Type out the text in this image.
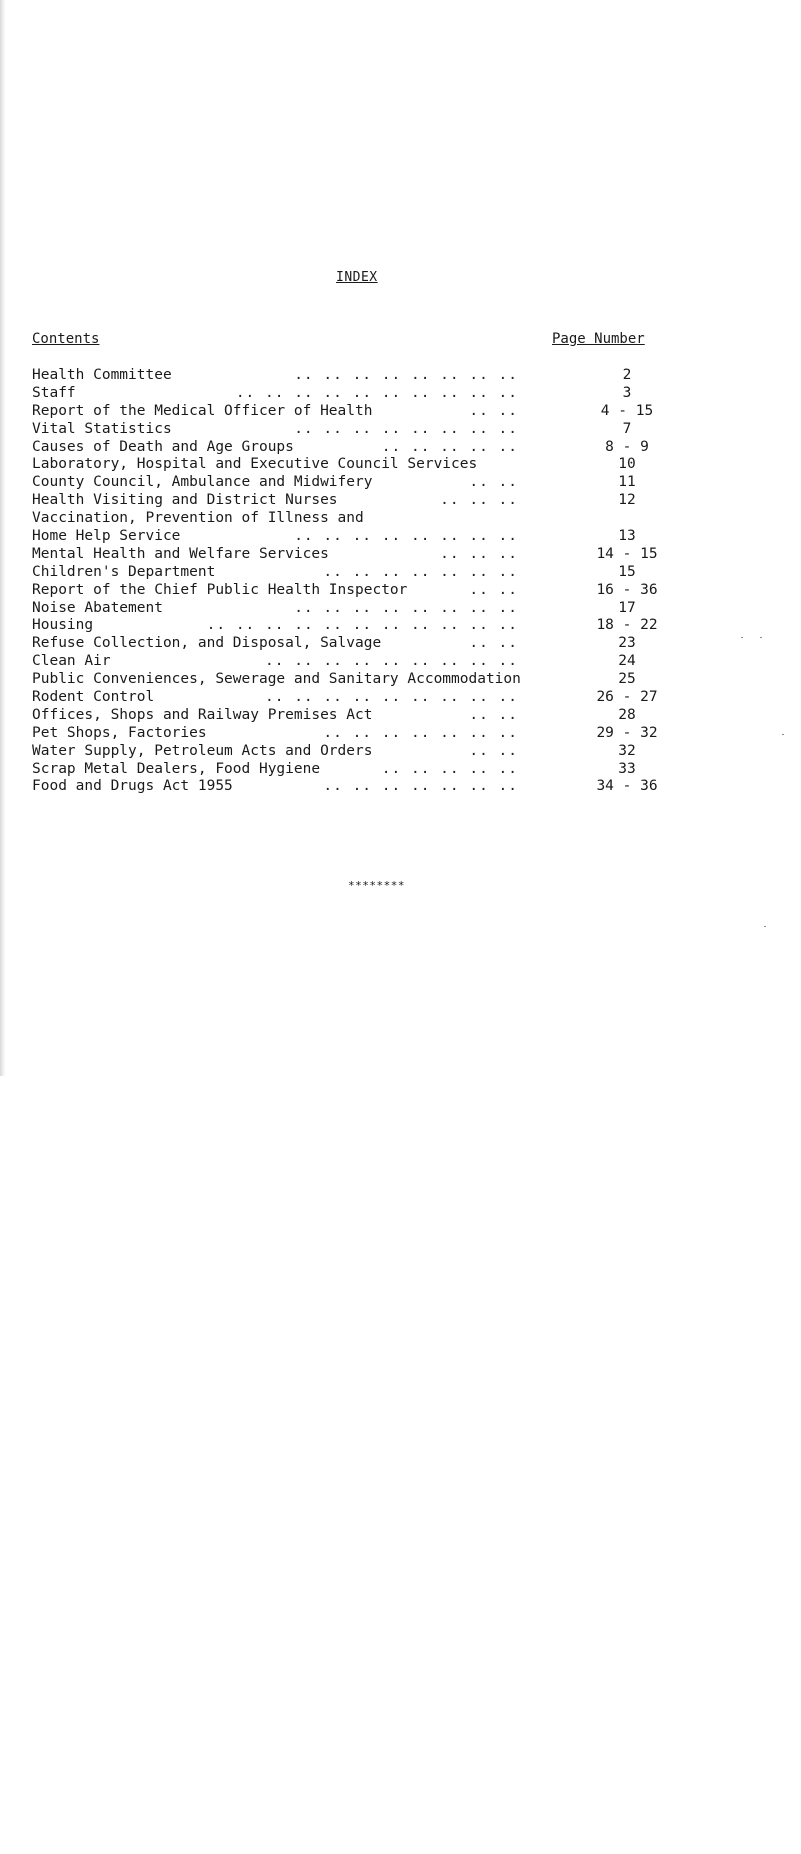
INDEX
Contents	Page Number
Health Committee	.. .. .. .. .. .. .. ..	2
Staff	.. .. .. .. .. .. .. .. .. ..	3
Report of the Medical Officer of Health	.. ..	4 - 15
Vital Statistics	.. .. .. .. .. .. .. ..	7
Causes of Death and Age Groups	.. .. .. .. ..	8 - 9
Laboratory, Hospital and Executive Council Services	10
County Council, Ambulance and Midwifery	.. ..	11
Health Visiting and District Nurses	.. .. ..	12
Vaccination, Prevention of Illness and
Home Help Service	.. .. .. .. .. .. .. ..	13
Mental Health and Welfare Services	.. .. ..	14 - 15
Children's Department	.. .. .. .. .. .. ..	15
Report of the Chief Public Health Inspector	.. ..	16 - 36
Noise Abatement	.. .. .. .. .. .. .. ..	17
Housing	.. .. .. .. .. .. .. .. .. .. ..	18 - 22
Refuse Collection, and Disposal, Salvage	.. ..	23
Clean Air	.. .. .. .. .. .. .. .. ..	24
Public Conveniences, Sewerage and Sanitary Accommodation	25
Rodent Control	.. .. .. .. .. .. .. .. ..	26 - 27
Offices, Shops and Railway Premises Act	.. ..	28
Pet Shops, Factories	.. .. .. .. .. .. ..	29 - 32
Water Supply, Petroleum Acts and Orders	.. ..	32
Scrap Metal Dealers, Food Hygiene	.. .. .. .. ..	33
Food and Drugs Act 1955	.. .. .. .. .. .. ..	34 - 36
********
